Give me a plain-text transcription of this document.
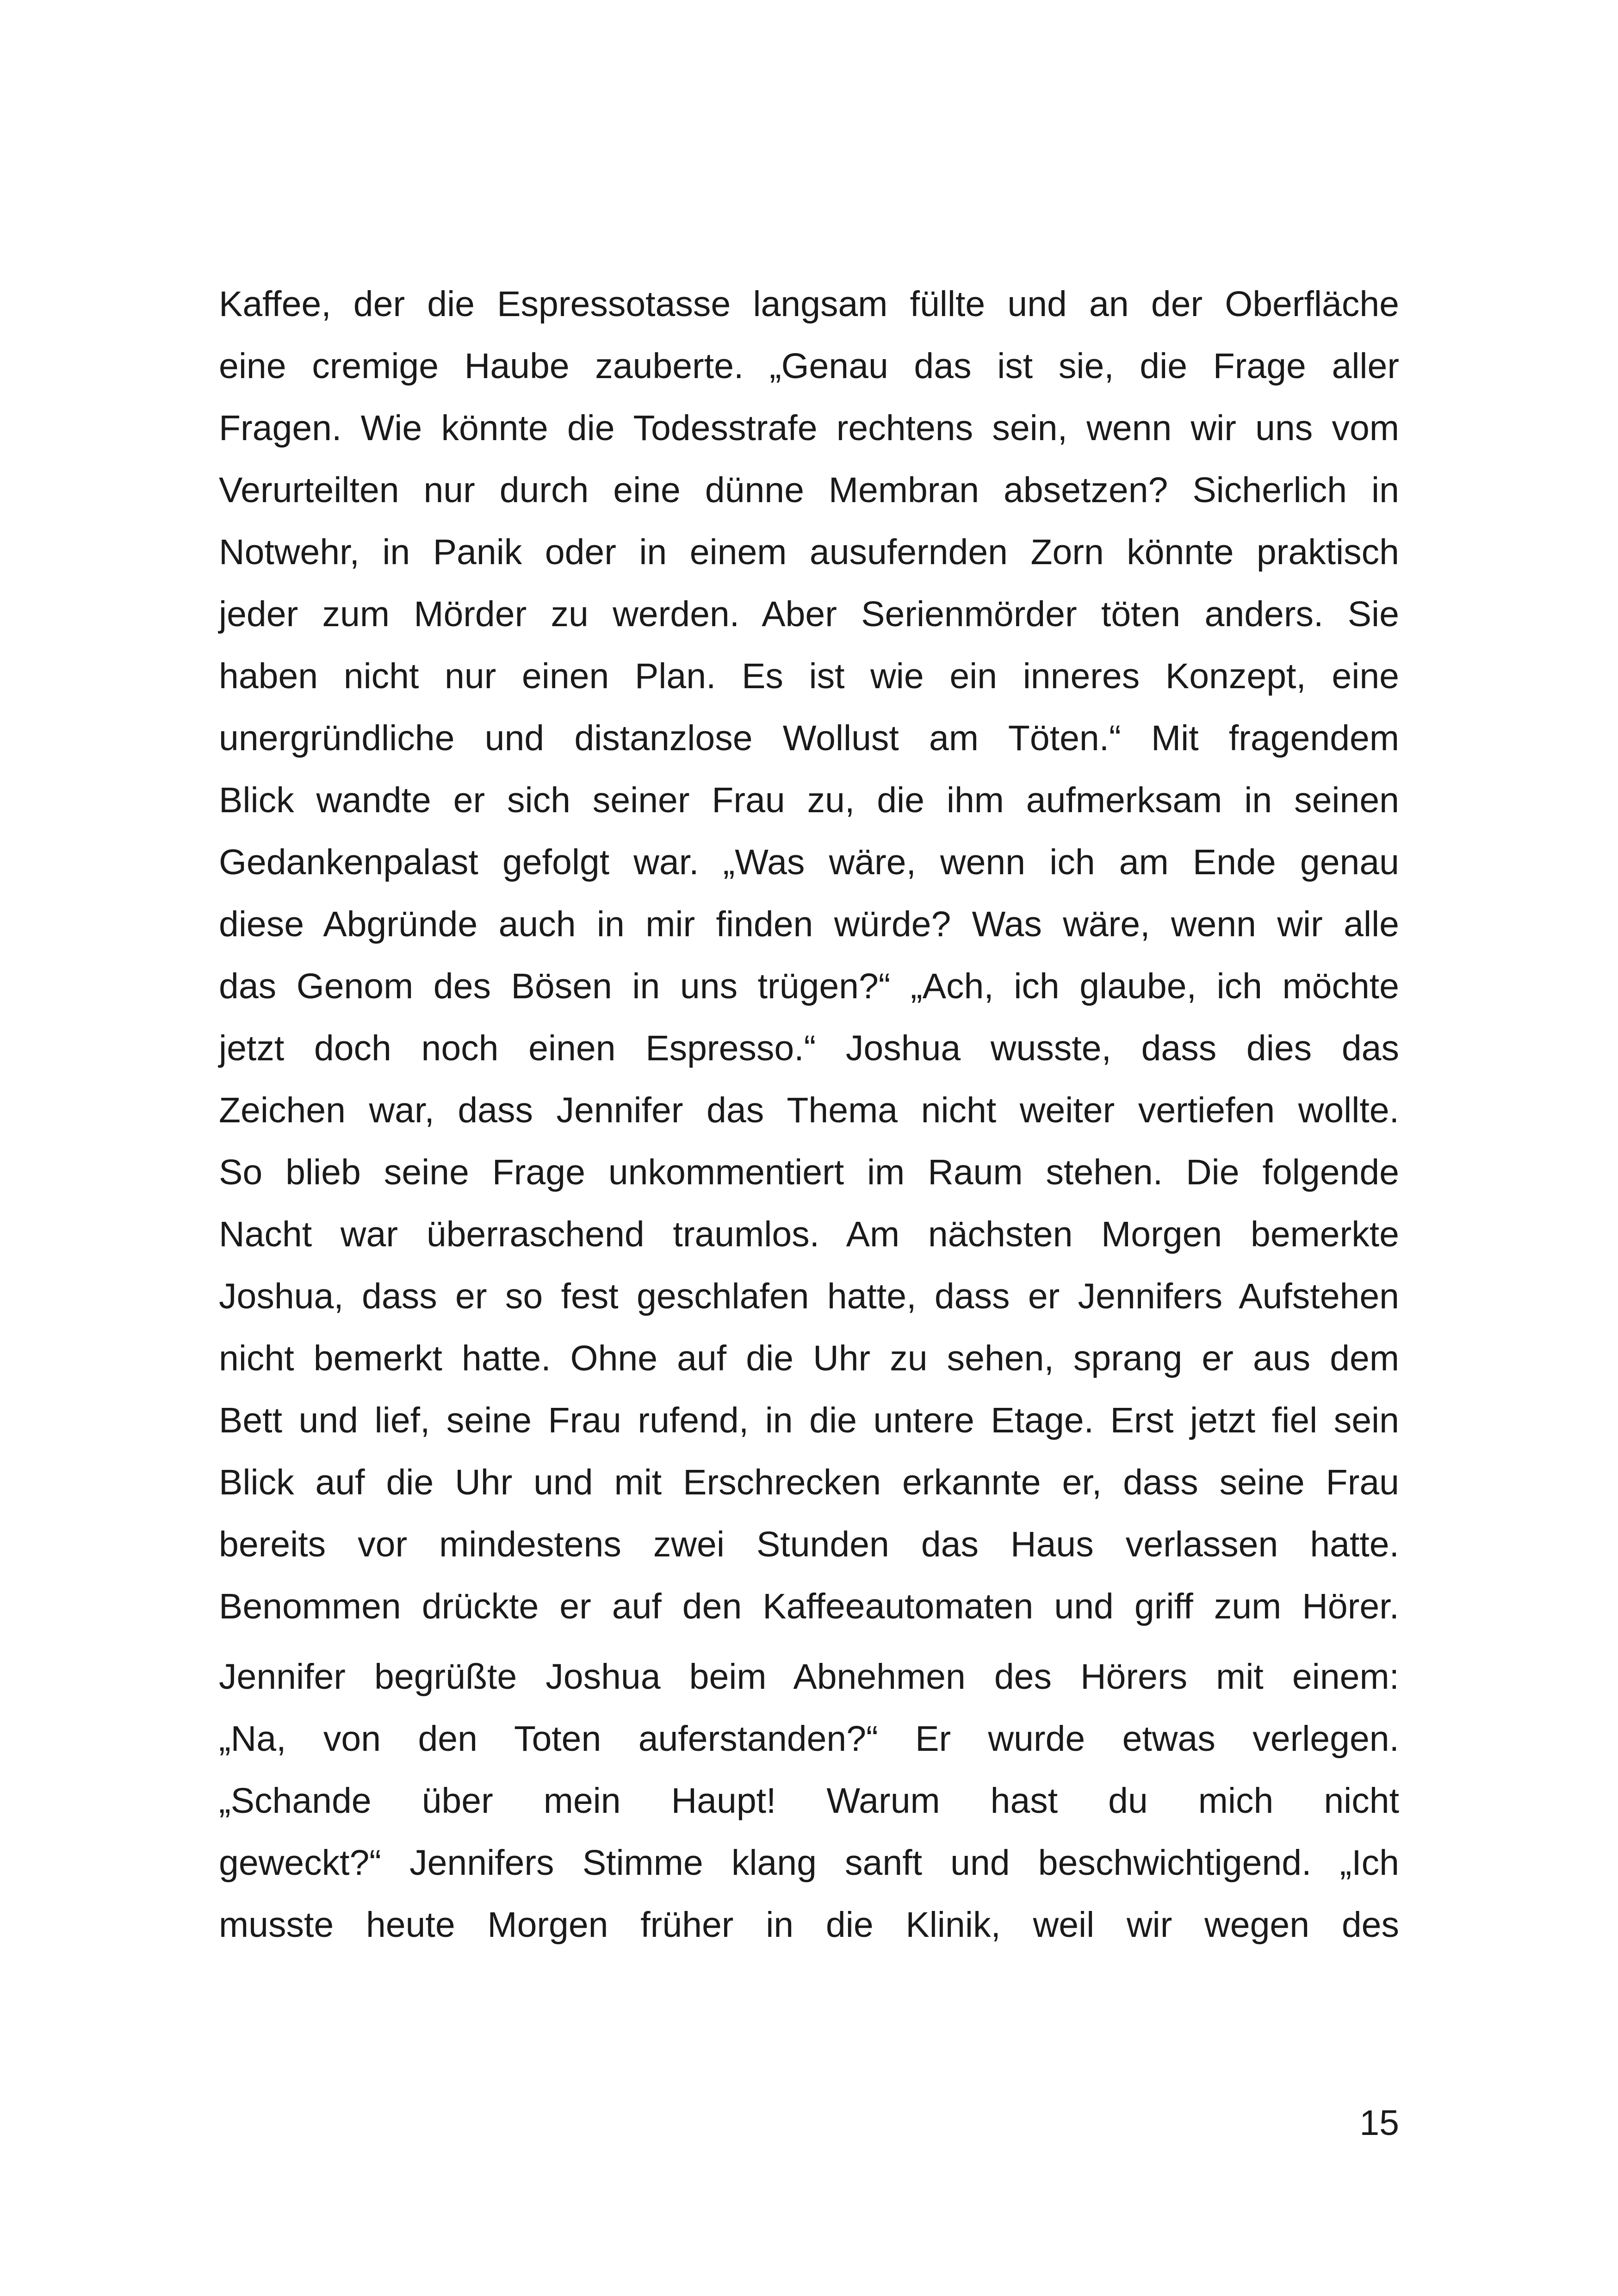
Kaffee, der die Espressotasse langsam füllte und an der Oberfläche
eine cremige Haube zauberte. „Genau das ist sie, die Frage aller
Fragen. Wie könnte die Todesstrafe rechtens sein, wenn wir uns vom
Verurteilten nur durch eine dünne Membran absetzen? Sicherlich in
Notwehr, in Panik oder in einem ausufernden Zorn könnte praktisch
jeder zum Mörder zu werden. Aber Serienmörder töten anders. Sie
haben nicht nur einen Plan. Es ist wie ein inneres Konzept, eine
unergründliche und distanzlose Wollust am Töten.“ Mit fragendem
Blick wandte er sich seiner Frau zu, die ihm aufmerksam in seinen
Gedankenpalast gefolgt war. „Was wäre, wenn ich am Ende genau
diese Abgründe auch in mir finden würde? Was wäre, wenn wir alle
das Genom des Bösen in uns trügen?“ „Ach, ich glaube, ich möchte
jetzt doch noch einen Espresso.“ Joshua wusste, dass dies das
Zeichen war, dass Jennifer das Thema nicht weiter vertiefen wollte.
So blieb seine Frage unkommentiert im Raum stehen. Die folgende
Nacht war überraschend traumlos. Am nächsten Morgen bemerkte
Joshua, dass er so fest geschlafen hatte, dass er Jennifers Aufstehen
nicht bemerkt hatte. Ohne auf die Uhr zu sehen, sprang er aus dem
Bett und lief, seine Frau rufend, in die untere Etage. Erst jetzt fiel sein
Blick auf die Uhr und mit Erschrecken erkannte er, dass seine Frau
bereits vor mindestens zwei Stunden das Haus verlassen hatte.
Benommen drückte er auf den Kaffeeautomaten und griff zum Hörer.
Jennifer begrüßte Joshua beim Abnehmen des Hörers mit einem:
„Na, von den Toten auferstanden?“ Er wurde etwas verlegen.
„Schande über mein Haupt! Warum hast du mich nicht
geweckt?“ Jennifers Stimme klang sanft und beschwichtigend. „Ich
musste heute Morgen früher in die Klinik, weil wir wegen des
15
